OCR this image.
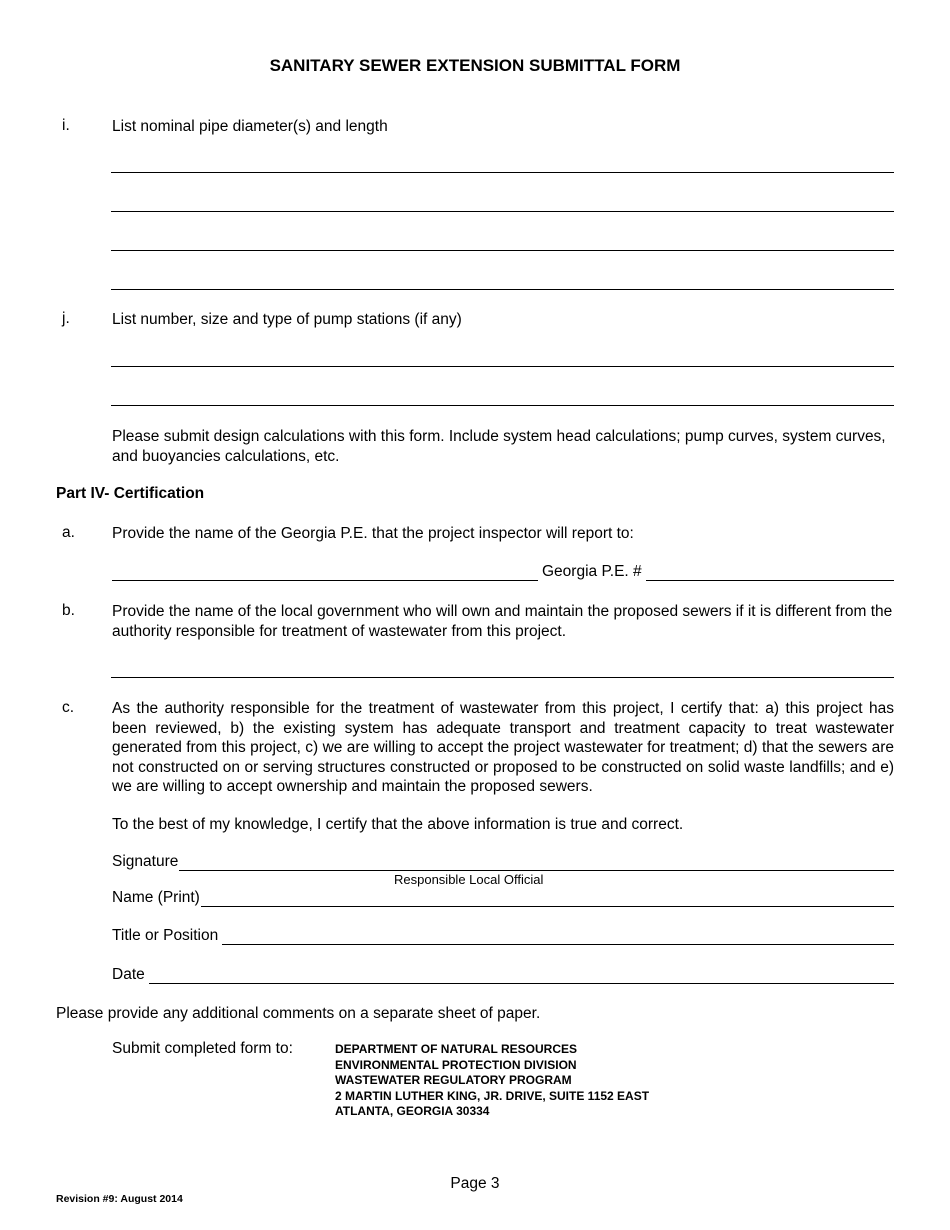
SANITARY SEWER EXTENSION SUBMITTAL FORM
i.	List nominal pipe diameter(s) and length
j.	List number, size and type of pump stations (if any)
Please submit design calculations with this form. Include system head calculations; pump curves, system curves, and buoyancies calculations, etc.
Part IV- Certification
a. Provide the name of the Georgia P.E. that the project inspector will report to:
Georgia P.E. #
b. Provide the name of the local government who will own and maintain the proposed sewers if it is different from the authority responsible for treatment of wastewater from this project.
c. As the authority responsible for the treatment of wastewater from this project, I certify that: a) this project has been reviewed, b) the existing system has adequate transport and treatment capacity to treat wastewater generated from this project, c) we are willing to accept the project wastewater for treatment; d) that the sewers are not constructed on or serving structures constructed or proposed to be constructed on solid waste landfills; and e) we are willing to accept ownership and maintain the proposed sewers.
To the best of my knowledge, I certify that the above information is true and correct.
Signature
Responsible Local Official
Name (Print)
Title or Position
Date
Please provide any additional comments on a separate sheet of paper.
Submit completed form to:	DEPARTMENT OF NATURAL RESOURCES
ENVIRONMENTAL PROTECTION DIVISION
WASTEWATER REGULATORY PROGRAM
2 MARTIN LUTHER KING, JR. DRIVE, SUITE 1152 EAST
ATLANTA, GEORGIA 30334
Page 3
Revision #9: August 2014
